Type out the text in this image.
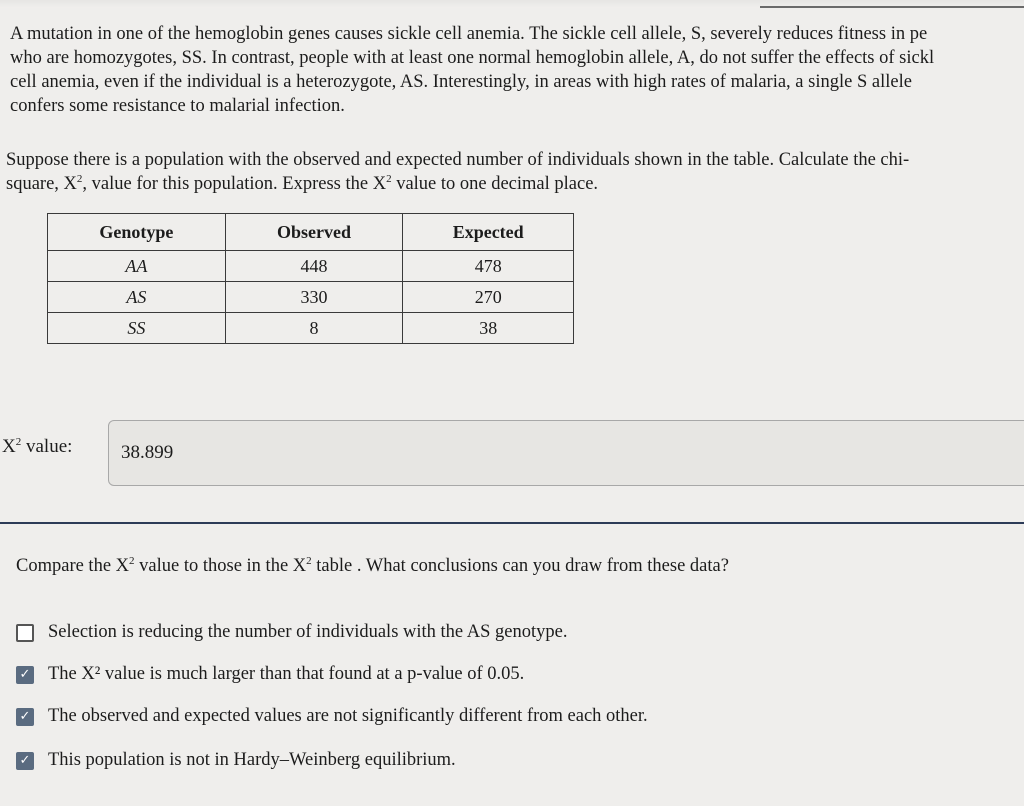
A mutation in one of the hemoglobin genes causes sickle cell anemia. The sickle cell allele, S, severely reduces fitness in pe
who are homozygotes, SS. In contrast, people with at least one normal hemoglobin allele, A, do not suffer the effects of sickl
cell anemia, even if the individual is a heterozygote, AS. Interestingly, in areas with high rates of malaria, a single S allele
confers some resistance to malarial infection.

Suppose there is a population with the observed and expected number of individuals shown in the table. Calculate the chi-
square, $X^2$, value for this population. Express the $X^2$ value to one decimal place.

Genotype	Observed	Expected
AA	448	478
AS	330	270
SS	8	38
$X^2$ value:
38.899

Compare the $X^2$ value to those in the $X^2$ table . What conclusions can you draw from these data?

Selection is reducing the number of individuals with the AS genotype.
✓ The X² value is much larger than that found at a p-value of 0.05.
✓ The observed and expected values are not significantly different from each other.
✓ This population is not in Hardy–Weinberg equilibrium.
